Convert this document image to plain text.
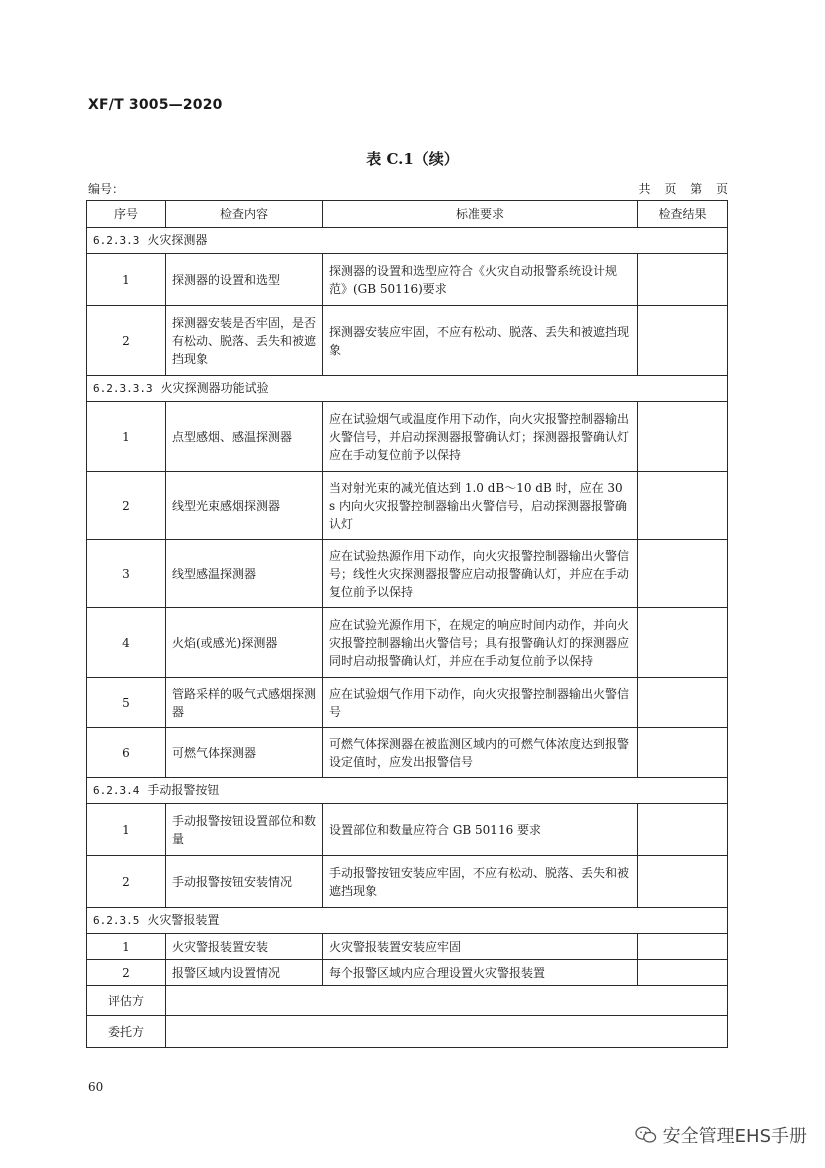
XF/T 3005—2020
表 C.1（续）
编号：	共 页 第 页
序号	检查内容	标准要求	检查结果
6.2.3.3 火灾探测器			
1	探测器的设置和选型	探测器的设置和选型应符合《火灾自动报警系统设计规范》(GB 50116)要求	
2	探测器安装是否牢固，是否有松动、脱落、丢失和被遮挡现象	探测器安装应牢固，不应有松动、脱落、丢失和被遮挡现象	
6.2.3.3.3 火灾探测器功能试验			
1	点型感烟、感温探测器	应在试验烟气或温度作用下动作，向火灾报警控制器输出火警信号，并启动探测器报警确认灯；探测器报警确认灯应在手动复位前予以保持	
2	线型光束感烟探测器	当对射光束的减光值达到 1.0 dB～10 dB 时，应在 30 s 内向火灾报警控制器输出火警信号，启动探测器报警确认灯	
3	线型感温探测器	应在试验热源作用下动作，向火灾报警控制器输出火警信号；线性火灾探测器报警应启动报警确认灯，并应在手动复位前予以保持	
4	火焰(或感光)探测器	应在试验光源作用下，在规定的响应时间内动作，并向火灾报警控制器输出火警信号；具有报警确认灯的探测器应同时启动报警确认灯，并应在手动复位前予以保持	
5	管路采样的吸气式感烟探测器	应在试验烟气作用下动作，向火灾报警控制器输出火警信号	
6	可燃气体探测器	可燃气体探测器在被监测区域内的可燃气体浓度达到报警设定值时，应发出报警信号	
6.2.3.4 手动报警按钮			
1	手动报警按钮设置部位和数量	设置部位和数量应符合 GB 50116 要求	
2	手动报警按钮安装情况	手动报警按钮安装应牢固，不应有松动、脱落、丢失和被遮挡现象	
6.2.3.5 火灾警报装置			
1	火灾警报装置安装	火灾警报装置安装应牢固	
2	报警区域内设置情况	每个报警区域内应合理设置火灾警报装置	
评估方			
委托方			
60
安全管理EHS手册
